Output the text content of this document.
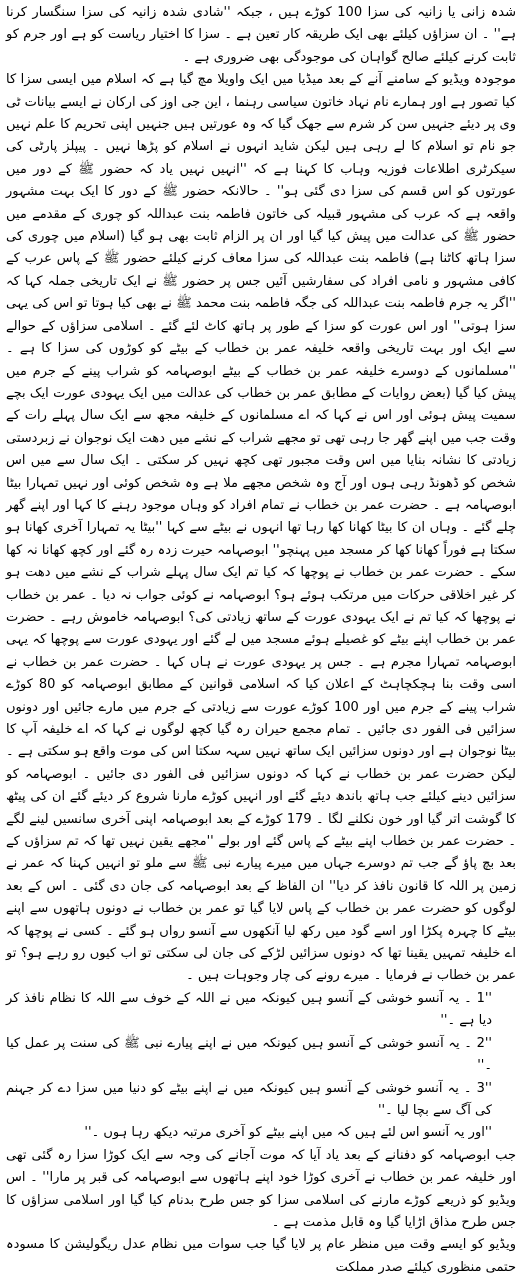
شدہ زانی یا زانیہ کی سزا 100 کوڑے ہیں ، جبکہ ''شادی شدہ زانیہ کی سزا سنگسار کرنا ہے'' ۔ ان سزاؤں کیلئے بھی ایک طریقہ کار تعین ہے ۔ سزا کا اختیار ریاست کو ہے اور جرم کو ثابت کرنے کیلئے صالح گواہان کی موجودگی بھی ضروری ہے ۔

موجودہ ویڈیو کے سامنے آنے کے بعد میڈیا میں ایک واویلا مچ گیا ہے کہ اسلام میں ایسی سزا کا کیا تصور ہے اور ہمارے نام نہاد خاتون سیاسی رہنما ، این جی اوز کی ارکان نے ایسے بیانات ٹی وی پر دیئے جنہیں سن کر شرم سے جھک گیا کہ وہ عورتیں ہیں جنہیں اپنی تحریم کا علم نہیں جو نام تو اسلام کا لے رہی ہیں لیکن شاید انہوں نے اسلام کو پڑھا نہیں ۔ پیپلز پارٹی کی سیکرٹری اطلاعات فوزیہ وہاب کا کہنا ہے کہ ''انہیں نہیں یاد کہ حضور ﷺ کے دور میں عورتوں کو اس قسم کی سزا دی گئی ہو'' ۔ حالانکہ حضور ﷺ کے دور کا ایک بہت مشہور واقعہ ہے کہ عرب کی مشہور قبیلہ کی خاتون فاطمہ بنت عبداللہ کو چوری کے مقدمے میں حضور ﷺ کی عدالت میں پیش کیا گیا اور ان پر الزام ثابت بھی ہو گیا (اسلام میں چوری کی سزا ہاتھ کاٹنا ہے) فاطمہ بنت عبداللہ کی سزا معاف کرنے کیلئے حضور ﷺ کے پاس عرب کے کافی مشہور و نامی افراد کی سفارشیں آئیں جس پر حضور ﷺ نے ایک تاریخی جملہ کہا کہ ''اگر یہ جرم فاطمہ بنت عبداللہ کی جگہ فاطمہ بنت محمد ﷺ نے بھی کیا ہوتا تو اس کی یہی سزا ہوتی'' اور اس عورت کو سزا کے طور پر ہاتھ کاٹ لئے گئے ۔ اسلامی سزاؤں کے حوالے سے ایک اور بہت تاریخی واقعہ خلیفہ عمر بن خطاب کے بیٹے کو کوڑوں کی سزا کا ہے ۔ ''مسلمانوں کے دوسرے خلیفہ عمر بن خطاب کے بیٹے ابوصہامہ کو شراب پینے کے جرم میں پیش کیا گیا (بعض روایات کے مطابق عمر بن خطاب کی عدالت میں ایک یہودی عورت ایک بچے سمیت پیش ہوئی اور اس نے کہا کہ اے مسلمانوں کے خلیفہ مجھ سے ایک سال پہلے رات کے وقت جب میں اپنے گھر جا رہی تھی تو مجھے شراب کے نشے میں دھت ایک نوجوان نے زبردستی زیادتی کا نشانہ بنایا میں اس وقت مجبور تھی کچھ نہیں کر سکتی ۔ ایک سال سے میں اس شخص کو ڈھونڈ رہی ہوں اور آج وہ شخص مجھے ملا ہے وہ شخص کوئی اور نہیں تمہارا بیٹا ابوصہامہ ہے ۔ حضرت عمر بن خطاب نے تمام افراد کو وہاں موجود رہنے کا کہا اور اپنے گھر چلے گئے ۔ وہاں ان کا بیٹا کھانا کھا رہا تھا انہوں نے بیٹے سے کہا ''بیٹا یہ تمہارا آخری کھانا ہو سکتا ہے فوراً کھانا کھا کر مسجد میں پہنچو'' ابوصہامہ حیرت زدہ رہ گئے اور کچھ کھانا نہ کھا سکے ۔ حضرت عمر بن خطاب نے پوچھا کہ کیا تم ایک سال پہلے شراب کے نشے میں دھت ہو کر غیر اخلاقی حرکات میں مرتکب ہوئے ہو؟ ابوصہامہ نے کوئی جواب نہ دیا ۔ عمر بن خطاب نے پوچھا کہ کیا تم نے ایک یہودی عورت کے ساتھ زیادتی کی؟ ابوصہامہ خاموش رہے ۔ حضرت عمر بن خطاب اپنے بیٹے کو غصیلے ہوئے مسجد میں لے گئے اور یہودی عورت سے پوچھا کہ یہی ابوصہامہ تمہارا مجرم ہے ۔ جس پر یہودی عورت نے ہاں کہا ۔ حضرت عمر بن خطاب نے اسی وقت بنا ہچکچاہٹ کے اعلان کیا کہ اسلامی قوانین کے مطابق ابوصہامہ کو 80 کوڑے شراب پینے کے جرم میں اور 100 کوڑے عورت سے زیادتی کے جرم میں مارے جائیں اور دونوں سزائیں فی الفور دی جائیں ۔ تمام مجمع حیران رہ گیا کچھ لوگوں نے کہا کہ اے خلیفہ آپ کا بیٹا نوجوان ہے اور دونوں سزائیں ایک ساتھ نہیں سہہ سکتا اس کی موت واقع ہو سکتی ہے ۔ لیکن حضرت عمر بن خطاب نے کہا کہ دونوں سزائیں فی الفور دی جائیں ۔ ابوصہامہ کو سزائیں دینے کیلئے جب ہاتھ باندھ دیئے گئے اور انہیں کوڑے مارنا شروع کر دیئے گئے ان کی پیٹھ کا گوشت اتر گیا اور خون نکلنے لگا ۔ 179 کوڑے کے بعد ابوصہامہ اپنی آخری سانسیں لینے لگے ۔ حضرت عمر بن خطاب اپنے بیٹے کے پاس گئے اور بولے ''مجھے یقین نہیں تھا کہ تم سزاؤں کے بعد بچ پاؤ گے جب تم دوسرے جہاں میں میرے پیارے نبی ﷺ سے ملو تو انہیں کہنا کہ عمر نے زمین پر اللہ کا قانون نافذ کر دیا'' ان الفاظ کے بعد ابوصہامہ کی جان دی گئی ۔ اس کے بعد لوگوں کو حضرت عمر بن خطاب کے پاس لایا گیا تو عمر بن خطاب نے دونوں ہاتھوں سے اپنے بیٹے کا چہرہ پکڑا اور اسے گود میں رکھ لیا آنکھوں سے آنسو رواں ہو گئے ۔ کسی نے پوچھا کہ اے خلیفہ تمہیں یقینا تھا کہ دونوں سزائیں لڑکے کی جان لی سکتی تو اب کیوں رو رہے ہو؟ تو عمر بن خطاب نے فرمایا ۔ میرے رونے کی چار وجوہات ہیں ۔

''1 ۔ یہ آنسو خوشی کے آنسو ہیں کیونکہ میں نے اللہ کے خوف سے اللہ کا نظام نافذ کر دیا ہے ۔''
''2 ۔ یہ آنسو خوشی کے آنسو ہیں کیونکہ میں نے اپنے پیارے نبی ﷺ کی سنت پر عمل کیا ۔''
''3 ۔ یہ آنسو خوشی کے آنسو ہیں کیونکہ میں نے اپنے بیٹے کو دنیا میں سزا دے کر جہنم کی آگ سے بچا لیا ۔''
''اور یہ آنسو اس لئے ہیں کہ میں اپنے بیٹے کو آخری مرتبہ دیکھ رہا ہوں ۔''

جب ابوصہامہ کو دفنانے کے بعد یاد آیا کہ موت آجانے کی وجہ سے ایک کوڑا سزا رہ گئی تھی اور خلیفہ عمر بن خطاب نے آخری کوڑا خود اپنے ہاتھوں سے ابوصہامہ کی قبر پر مارا'' ۔ اس ویڈیو کو ذریعے کوڑے مارنے کی اسلامی سزا کو جس طرح بدنام کیا گیا اور اسلامی سزاؤں کا جس طرح مذاق اڑایا گیا وہ قابل مذمت ہے ۔

ویڈیو کو ایسے وقت میں منظر عام پر لایا گیا جب سوات میں نظام عدل ریگولیشن کا مسودہ حتمی منظوری کیلئے صدر مملکت
